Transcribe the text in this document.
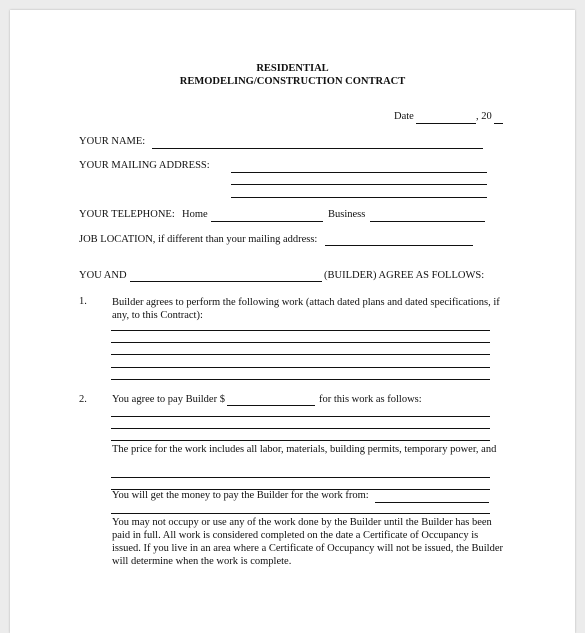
RESIDENTIAL
REMODELING/CONSTRUCTION CONTRACT
Date	, 20
YOUR NAME:
YOUR MAILING ADDRESS:
YOUR TELEPHONE: Home	Business
JOB LOCATION, if different than your mailing address:
YOU AND	(BUILDER) AGREE AS FOLLOWS:
1. Builder agrees to perform the following work (attach dated plans and dated specifications, if any, to this Contract):
2. You agree to pay Builder $	for this work as follows:
The price for the work includes all labor, materials, building permits, temporary power, and
You will get the money to pay the Builder for the work from:
You may not occupy or use any of the work done by the Builder until the Builder has been paid in full. All work is considered completed on the date a Certificate of Occupancy is issued. If you live in an area where a Certificate of Occupancy will not be issued, the Builder will determine when the work is complete.
